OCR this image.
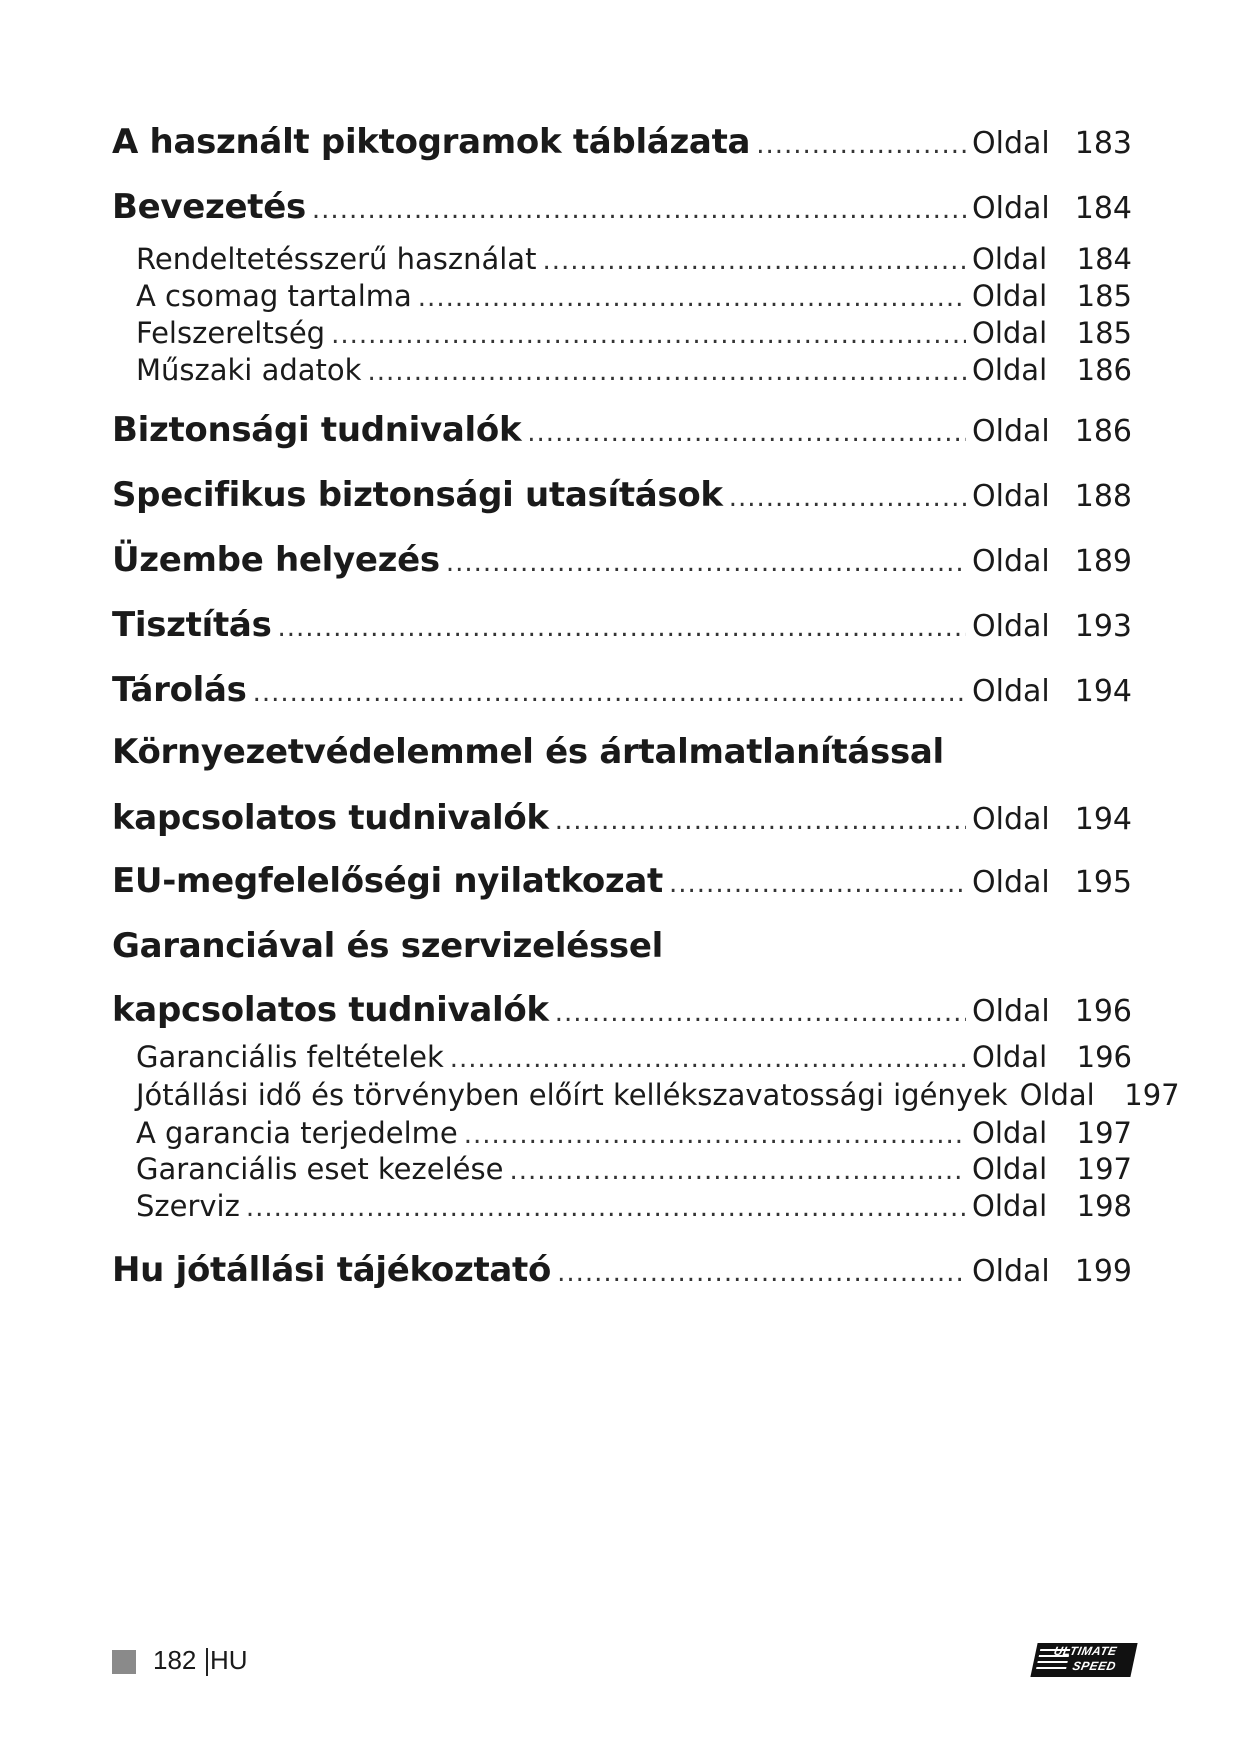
A használt piktogramok táblázata .....	Oldal 183
Bevezetés .....	Oldal 184
Rendeltetésszerű használat .....	Oldal	184
A csomag tartalma .....	Oldal	185
Felszereltség .....	Oldal	185
Műszaki adatok .....	Oldal	186
Biztonsági tudnivalók .....	Oldal 186
Specifikus biztonsági utasítások .....	Oldal 188
Üzembe helyezés .....	Oldal 189
Tisztítás .....	Oldal 193
Tárolás .....	Oldal 194
Környezetvédelemmel és ártalmatlanítással
kapcsolatos tudnivalók .....	Oldal 194
EU-megfelelőségi nyilatkozat .....	Oldal 195
Garanciával és szervizeléssel
kapcsolatos tudnivalók .....	Oldal 196
Garanciális feltételek .....	Oldal	196
Jótállási idő és törvényben előírt kellékszavatossági igények Oldal	197
A garancia terjedelme .....	Oldal	197
Garanciális eset kezelése .....	Oldal	197
Szerviz .....	Oldal	198
Hu jótállási tájékoztató .....	Oldal 199
182 HU	ULTIMATE
SPEED
